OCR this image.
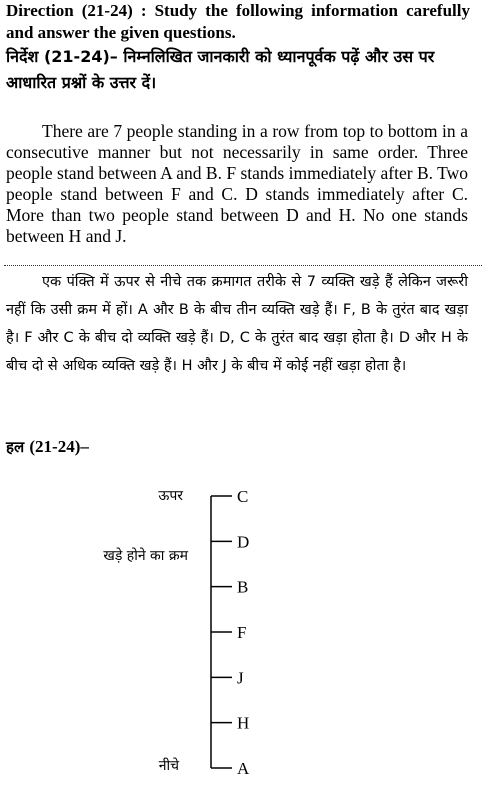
Direction (21-24) : Study the following information carefully and answer the given questions.
निर्देश (21-24)– निम्नलिखित जानकारी को ध्यानपूर्वक पढ़ें और उस पर आधारित प्रश्नों के उत्तर दें।
There are 7 people standing in a row from top to bottom in a consecutive manner but not necessarily in same order. Three people stand between A and B. F stands immediately after B. Two people stand between F and C. D stands immediately after C. More than two people stand between D and H. No one stands between H and J.
एक पंक्ति में ऊपर से नीचे तक क्रमागत तरीके से 7 व्यक्ति खड़े हैं लेकिन जरूरी नहीं कि उसी क्रम में हों। A और B के बीच तीन व्यक्ति खड़े हैं। F, B के तुरंत बाद खड़ा है। F और C के बीच दो व्यक्ति खड़े हैं। D, C के तुरंत बाद खड़ा होता है। D और H के बीच दो से अधिक व्यक्ति खड़े हैं। H और J के बीच में कोई नहीं खड़ा होता है।
हल (21-24)–
ऊपर
खड़े होने का क्रम
नीचे
C
D
B
F
J
H
A
